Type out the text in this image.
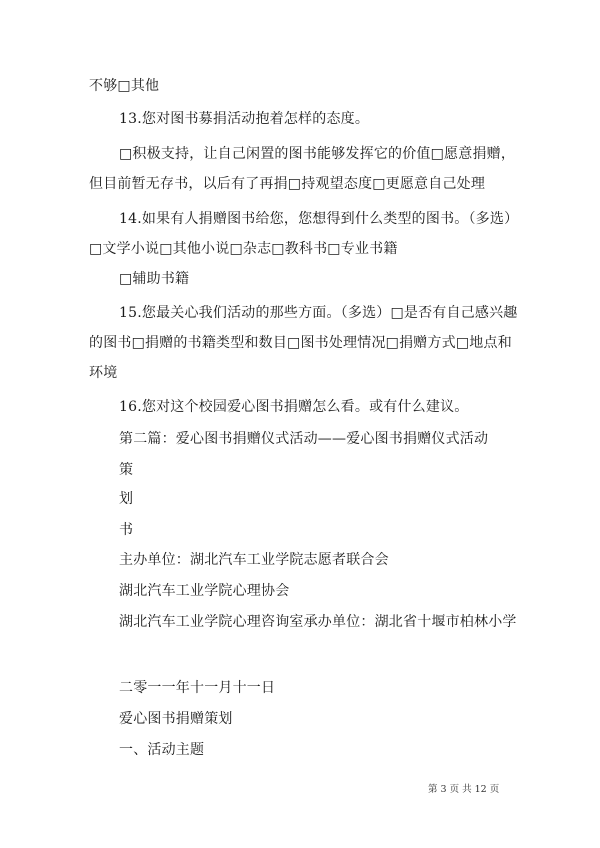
不够□其他
13.您对图书募捐活动抱着怎样的态度。
□积极支持，让自己闲置的图书能够发挥它的价值□愿意捐赠，
但目前暂无存书，以后有了再捐□持观望态度□更愿意自己处理
14.如果有人捐赠图书给您，您想得到什么类型的图书。（多选）
□文学小说□其他小说□杂志□教科书□专业书籍
□辅助书籍
15.您最关心我们活动的那些方面。（多选）□是否有自己感兴趣
的图书□捐赠的书籍类型和数目□图书处理情况□捐赠方式□地点和
环境
16.您对这个校园爱心图书捐赠怎么看。或有什么建议。
第二篇：爱心图书捐赠仪式活动——爱心图书捐赠仪式活动
策
划
书
主办单位：湖北汽车工业学院志愿者联合会
湖北汽车工业学院心理协会
湖北汽车工业学院心理咨询室承办单位：湖北省十堰市柏林小学
二零一一年十一月十一日
爱心图书捐赠策划
一、活动主题
第 3 页 共 12 页
